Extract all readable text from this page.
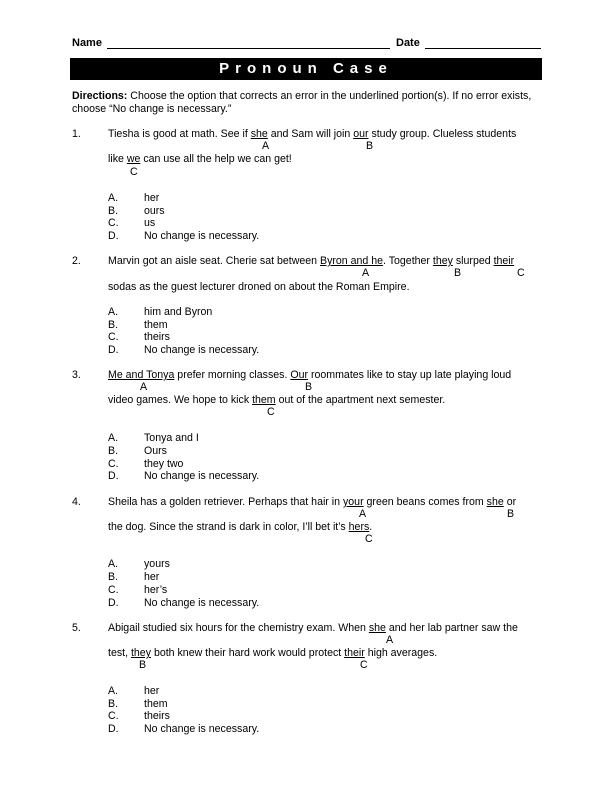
Name	Date
Pronoun Case
Directions: Choose the option that corrects an error in the underlined portion(s). If no error exists, choose “No change is necessary.”
1.	Tiesha is good at math. See if she and Sam will join our study group. Clueless students
A	B
like we can use all the help we can get!
C
A. her
B. ours
C. us
D. No change is necessary.
2.	Marvin got an aisle seat. Cherie sat between Byron and he. Together they slurped their
A	B	C
sodas as the guest lecturer droned on about the Roman Empire.
A. him and Byron
B. them
C. theirs
D. No change is necessary.
3.	Me and Tonya prefer morning classes. Our roommates like to stay up late playing loud
A	B
video games. We hope to kick them out of the apartment next semester.
C
A. Tonya and I
B. Ours
C. they two
D. No change is necessary.
4.	Sheila has a golden retriever. Perhaps that hair in your green beans comes from she or
A	B
the dog. Since the strand is dark in color, I’ll bet it’s hers.
C
A. yours
B. her
C. her’s
D. No change is necessary.
5.	Abigail studied six hours for the chemistry exam. When she and her lab partner saw the
A
test, they both knew their hard work would protect their high averages.
B	C
A. her
B. them
C. theirs
D. No change is necessary.
